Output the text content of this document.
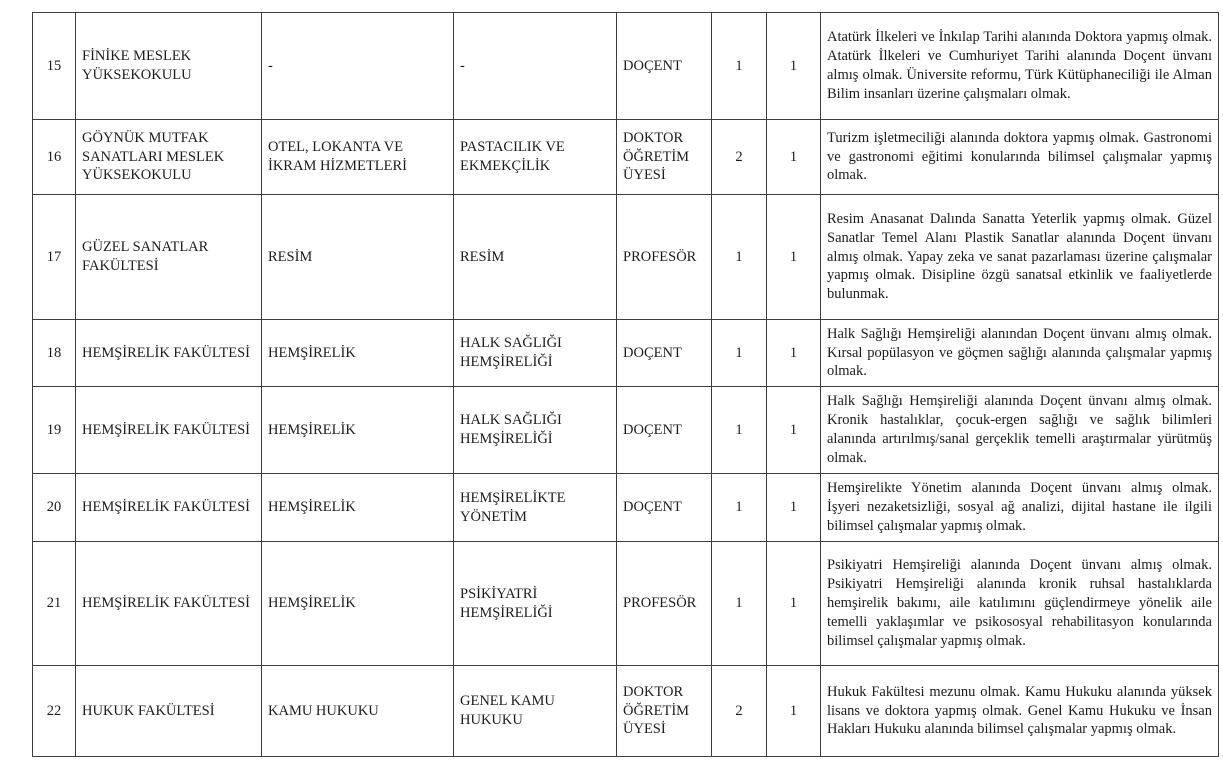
15	FİNİKE MESLEK YÜKSEKOKULU	-	-	DOÇENT	1	1	Atatürk İlkeleri ve İnkılap Tarihi alanında Doktora yapmış olmak. Atatürk İlkeleri ve Cumhuriyet Tarihi alanında Doçent ünvanı almış olmak. Üniversite reformu, Türk Kütüphaneciliği ile Alman Bilim insanları üzerine çalışmaları olmak.
16	GÖYNÜK MUTFAK SANATLARI MESLEK YÜKSEKOKULU	OTEL, LOKANTA VE İKRAM HİZMETLERİ	PASTACILIK VE EKMEKÇİLİK	DOKTOR ÖĞRETİM ÜYESİ	2	1	Turizm işletmeciliği alanında doktora yapmış olmak. Gastronomi ve gastronomi eğitimi konularında bilimsel çalışmalar yapmış olmak.
17	GÜZEL SANATLAR FAKÜLTESİ	RESİM	RESİM	PROFESÖR	1	1	Resim Anasanat Dalında Sanatta Yeterlik yapmış olmak. Güzel Sanatlar Temel Alanı Plastik Sanatlar alanında Doçent ünvanı almış olmak. Yapay zeka ve sanat pazarlaması üzerine çalışmalar yapmış olmak. Disipline özgü sanatsal etkinlik ve faaliyetlerde bulunmak.
18	HEMŞİRELİK FAKÜLTESİ	HEMŞİRELİK	HALK SAĞLIĞI HEMŞİRELİĞİ	DOÇENT	1	1	Halk Sağlığı Hemşireliği alanından Doçent ünvanı almış olmak. Kırsal popülasyon ve göçmen sağlığı alanında çalışmalar yapmış olmak.
19	HEMŞİRELİK FAKÜLTESİ	HEMŞİRELİK	HALK SAĞLIĞI HEMŞİRELİĞİ	DOÇENT	1	1	Halk Sağlığı Hemşireliği alanında Doçent ünvanı almış olmak. Kronik hastalıklar, çocuk-ergen sağlığı ve sağlık bilimleri alanında artırılmış/sanal gerçeklik temelli araştırmalar yürütmüş olmak.
20	HEMŞİRELİK FAKÜLTESİ	HEMŞİRELİK	HEMŞİRELİKTE YÖNETİM	DOÇENT	1	1	Hemşirelikte Yönetim alanında Doçent ünvanı almış olmak. İşyeri nezaketsizliği, sosyal ağ analizi, dijital hastane ile ilgili bilimsel çalışmalar yapmış olmak.
21	HEMŞİRELİK FAKÜLTESİ	HEMŞİRELİK	PSİKİYATRİ HEMŞİRELİĞİ	PROFESÖR	1	1	Psikiyatri Hemşireliği alanında Doçent ünvanı almış olmak. Psikiyatri Hemşireliği alanında kronik ruhsal hastalıklarda hemşirelik bakımı, aile katılımını güçlendirmeye yönelik aile temelli yaklaşımlar ve psikososyal rehabilitasyon konularında bilimsel çalışmalar yapmış olmak.
22	HUKUK FAKÜLTESİ	KAMU HUKUKU	GENEL KAMU HUKUKU	DOKTOR ÖĞRETİM ÜYESİ	2	1	Hukuk Fakültesi mezunu olmak. Kamu Hukuku alanında yüksek lisans ve doktora yapmış olmak. Genel Kamu Hukuku ve İnsan Hakları Hukuku alanında bilimsel çalışmalar yapmış olmak.
